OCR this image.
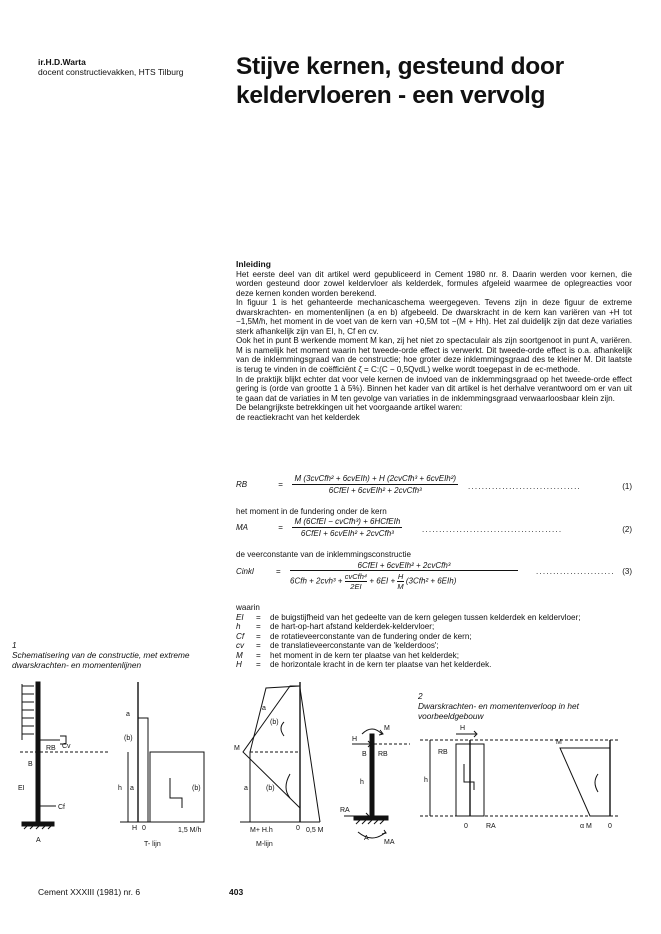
ir.H.D.Warta
docent constructievakken, HTS Tilburg Stijve kernen, gesteund door
keldervloeren - een vervolg

Inleiding

Het eerste deel van dit artikel werd gepubliceerd in Cement 1980 nr. 8. Daarin werden voor kernen, die worden gesteund door zowel keldervloer als kelderdek, formules afgeleid waarmee de oplegreacties voor deze kernen konden worden berekend.

In figuur 1 is het gehanteerde mechanicaschema weergegeven. Tevens zijn in deze figuur de extreme dwarskrachten- en momentenlijnen (a en b) afgebeeld. De dwarskracht in de kern kan variëren van +H tot −1,5M/h, het moment in de voet van de kern van +0,5M tot −(M + Hh). Het zal duidelijk zijn dat deze variaties sterk afhankelijk zijn van EI, h, Cf en cv.

Ook het in punt B werkende moment M kan, zij het niet zo spectaculair als zijn soortgenoot in punt A, variëren. M is namelijk het moment waarin het tweede-orde effect is verwerkt. Dit tweede-orde effect is o.a. afhankelijk van de inklemmingsgraad van de constructie; hoe groter deze inklemmingsgraad des te kleiner M. Dit laatste is terug te vinden in de coëfficiënt ζ = C:(C − 0,5QvdL) welke wordt toegepast in de ec-methode.

In de praktijk blijkt echter dat voor vele kernen de invloed van de inklemmingsgraad op het tweede-orde effect gering is (orde van grootte 1 à 5%). Binnen het kader van dit artikel is het derhalve verantwoord om er van uit te gaan dat de variaties in M ten gevolge van variaties in de inklemmingsgraad verwaarloosbaar klein zijn.

De belangrijkste betrekkingen uit het voorgaande artikel waren:

de reactiekracht van het kelderdek

RB	= $\frac{\text{M (3cvCfh² + 6cvEIh) + H (2cvCfh³ + 6cvEIh²)}}{\text{6CfEI + 6cvEIh² + 2cvCfh³}}$ .................................	(1)
het moment in de fundering onder de kern
MA	= $\frac{\text{M (6CfEI − cvCfh³) + 6HCfEIh}}{\text{6CfEI + 6cvEIh² + 2cvCfh³}}$ .........................................	(2)
de veerconstante van de inklemmingsconstructie
Cinkl	=
6CfEI + 6cvEIh² + 2cvCfh³
$6Cfh + 2cvh^3 + \frac{\text{cvCfh⁴}}{2EI} + 6EI + \frac{H}{M} (3Cfh^2 + 6EIh)$
....................... (3)
waarin
EI	=	de buigstijfheid van het gedeelte van de kern gelegen tussen kelderdek en keldervloer;
h	=	de hart-op-hart afstand kelderdek-keldervloer;
Cf	=	de rotatieveerconstante van de fundering onder de kern;
cv	=	de translatieveerconstante van de 'kelderdoos';
M	=	het moment in de kern ter plaatse van het kelderdek;
H	=	de horizontale kracht in de kern ter plaatse van het kelderdek.
1
Schematisering van de constructie, met extreme dwarskrachten- en momentenlijnen
2
Dwarskrachten- en momentenverloop in het voorbeeldgebouw
Cv
RB
B
EI
Cf
A
a
(b)
h a	(b)
H 0	1,5 M/h
T- lijn
a
(b)
M
a	(b)
M+ H.h	0 0,5 M
M-lijn
H
M
B RB
h
RA
A
MA
H
RB
h
0	RA
M
α M 0
Cement XXXIII (1981) nr. 6	403
